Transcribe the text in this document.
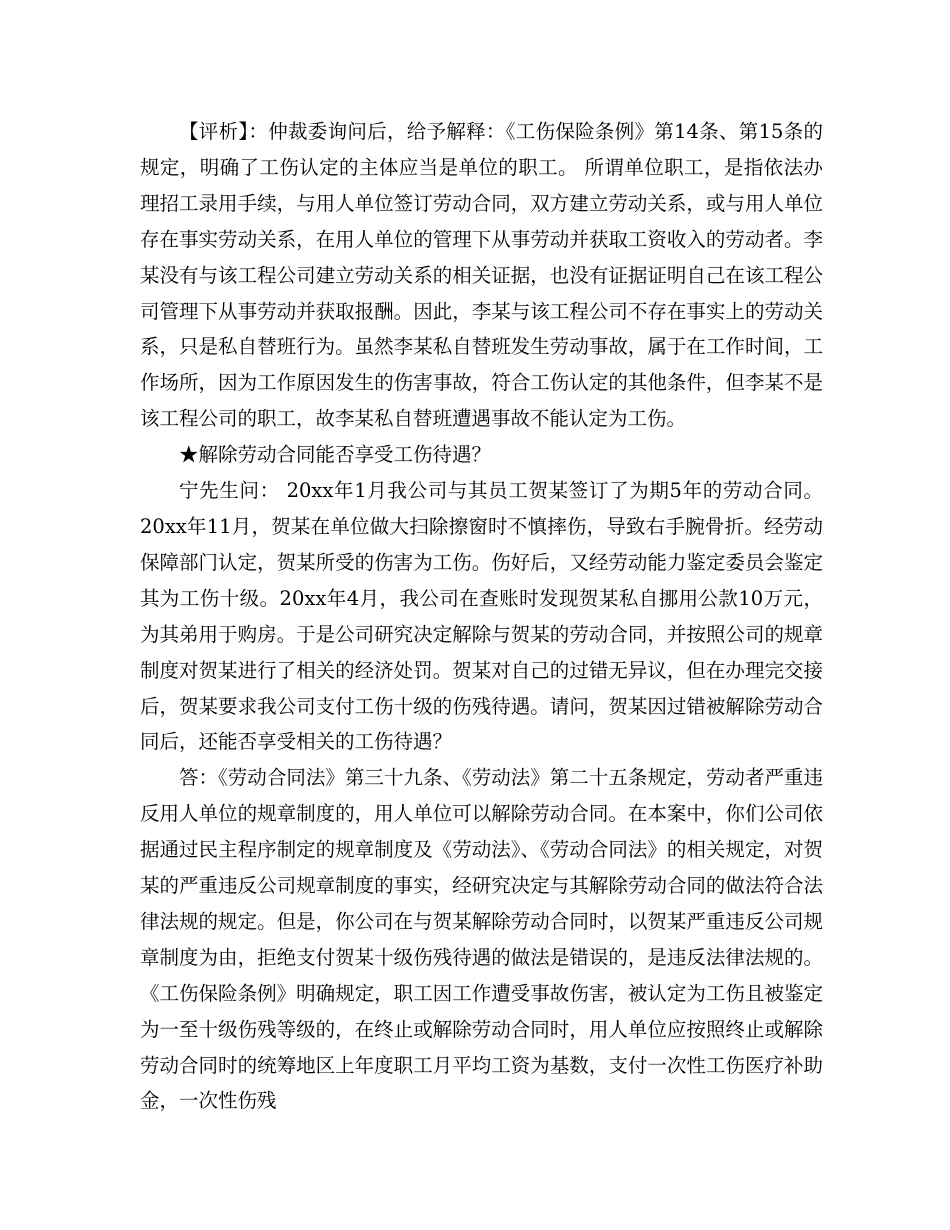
【评析】：仲裁委询问后，给予解释：《工伤保险条例》第14条、第15条的规定，明确了工伤认定的主体应当是单位的职工。 所谓单位职工，是指依法办理招工录用手续，与用人单位签订劳动合同，双方建立劳动关系，或与用人单位存在事实劳动关系，在用人单位的管理下从事劳动并获取工资收入的劳动者。李某没有与该工程公司建立劳动关系的相关证据，也没有证据证明自己在该工程公司管理下从事劳动并获取报酬。因此，李某与该工程公司不存在事实上的劳动关系，只是私自替班行为。虽然李某私自替班发生劳动事故，属于在工作时间，工作场所，因为工作原因发生的伤害事故，符合工伤认定的其他条件，但李某不是该工程公司的职工，故李某私自替班遭遇事故不能认定为工伤。

★解除劳动合同能否享受工伤待遇？

宁先生问： 20xx年1月我公司与其员工贺某签订了为期5年的劳动合同。20xx年11月，贺某在单位做大扫除擦窗时不慎摔伤，导致右手腕骨折。经劳动保障部门认定，贺某所受的伤害为工伤。伤好后，又经劳动能力鉴定委员会鉴定其为工伤十级。20xx年4月，我公司在查账时发现贺某私自挪用公款10万元，为其弟用于购房。于是公司研究决定解除与贺某的劳动合同，并按照公司的规章制度对贺某进行了相关的经济处罚。贺某对自己的过错无异议，但在办理完交接后，贺某要求我公司支付工伤十级的伤残待遇。请问，贺某因过错被解除劳动合同后，还能否享受相关的工伤待遇？

答：《劳动合同法》第三十九条、《劳动法》第二十五条规定，劳动者严重违反用人单位的规章制度的，用人单位可以解除劳动合同。在本案中，你们公司依据通过民主程序制定的规章制度及《劳动法》、《劳动合同法》的相关规定，对贺某的严重违反公司规章制度的事实，经研究决定与其解除劳动合同的做法符合法律法规的规定。但是，你公司在与贺某解除劳动合同时，以贺某严重违反公司规章制度为由，拒绝支付贺某十级伤残待遇的做法是错误的，是违反法律法规的。《工伤保险条例》明确规定，职工因工作遭受事故伤害，被认定为工伤且被鉴定为一至十级伤残等级的，在终止或解除劳动合同时，用人单位应按照终止或解除劳动合同时的统筹地区上年度职工月平均工资为基数，支付一次性工伤医疗补助金，一次性伤残
